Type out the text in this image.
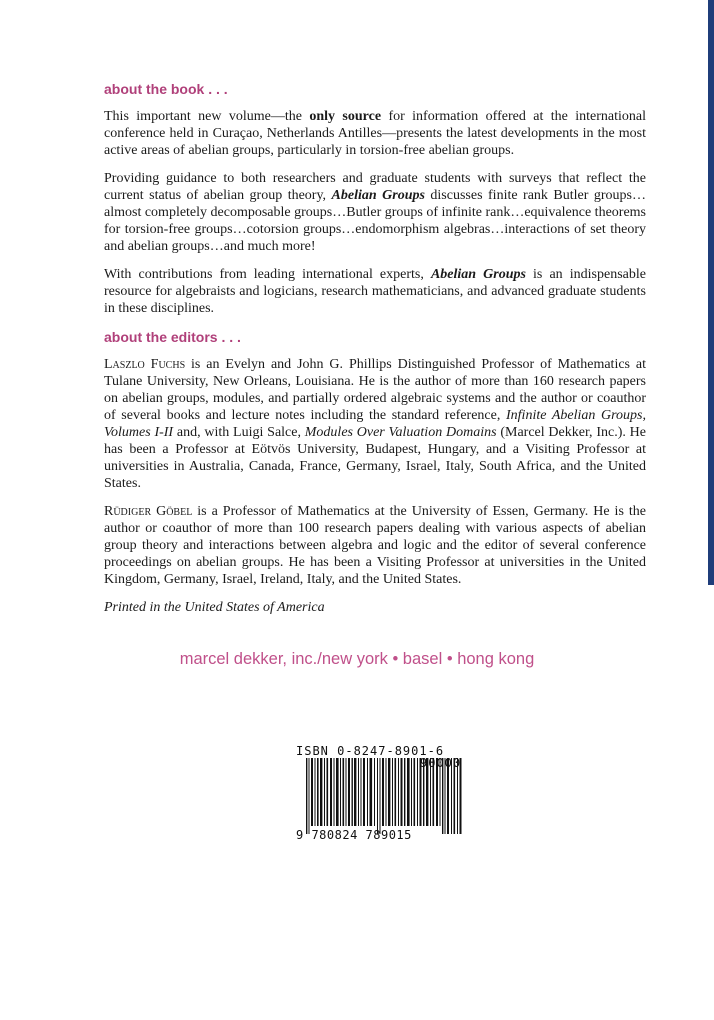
about the book . . .

This important new volume—the only source for information offered at the international conference held in Curaçao, Netherlands Antilles—presents the latest developments in the most active areas of abelian groups, particularly in torsion-free abelian groups.

Providing guidance to both researchers and graduate students with surveys that reflect the current status of abelian group theory, Abelian Groups discusses finite rank Butler groups…almost completely decomposable groups…Butler groups of infinite rank…equivalence theorems for torsion-free groups…cotorsion groups…endomorphism algebras…interactions of set theory and abelian groups…and much more!

With contributions from leading international experts, Abelian Groups is an indispensable resource for algebraists and logicians, research mathematicians, and advanced graduate students in these disciplines.

about the editors . . .

Laszlo Fuchs is an Evelyn and John G. Phillips Distinguished Professor of Mathematics at Tulane University, New Orleans, Louisiana. He is the author of more than 160 research papers on abelian groups, modules, and partially ordered algebraic systems and the author or coauthor of several books and lecture notes including the standard reference, Infinite Abelian Groups, Volumes I-II and, with Luigi Salce, Modules Over Valuation Domains (Marcel Dekker, Inc.). He has been a Professor at Eötvös University, Budapest, Hungary, and a Visiting Professor at universities in Australia, Canada, France, Germany, Israel, Italy, South Africa, and the United States.

Rüdiger Göbel is a Professor of Mathematics at the University of Essen, Germany. He is the author or coauthor of more than 100 research papers dealing with various aspects of abelian group theory and interactions between algebra and logic and the editor of several conference proceedings on abelian groups. He has been a Visiting Professor at universities in the United Kingdom, Germany, Israel, Ireland, Italy, and the United States.

Printed in the United States of America
marcel dekker, inc./new york • basel • hong kong
ISBN 0-8247-8901-6
90000
9 780824 789015
